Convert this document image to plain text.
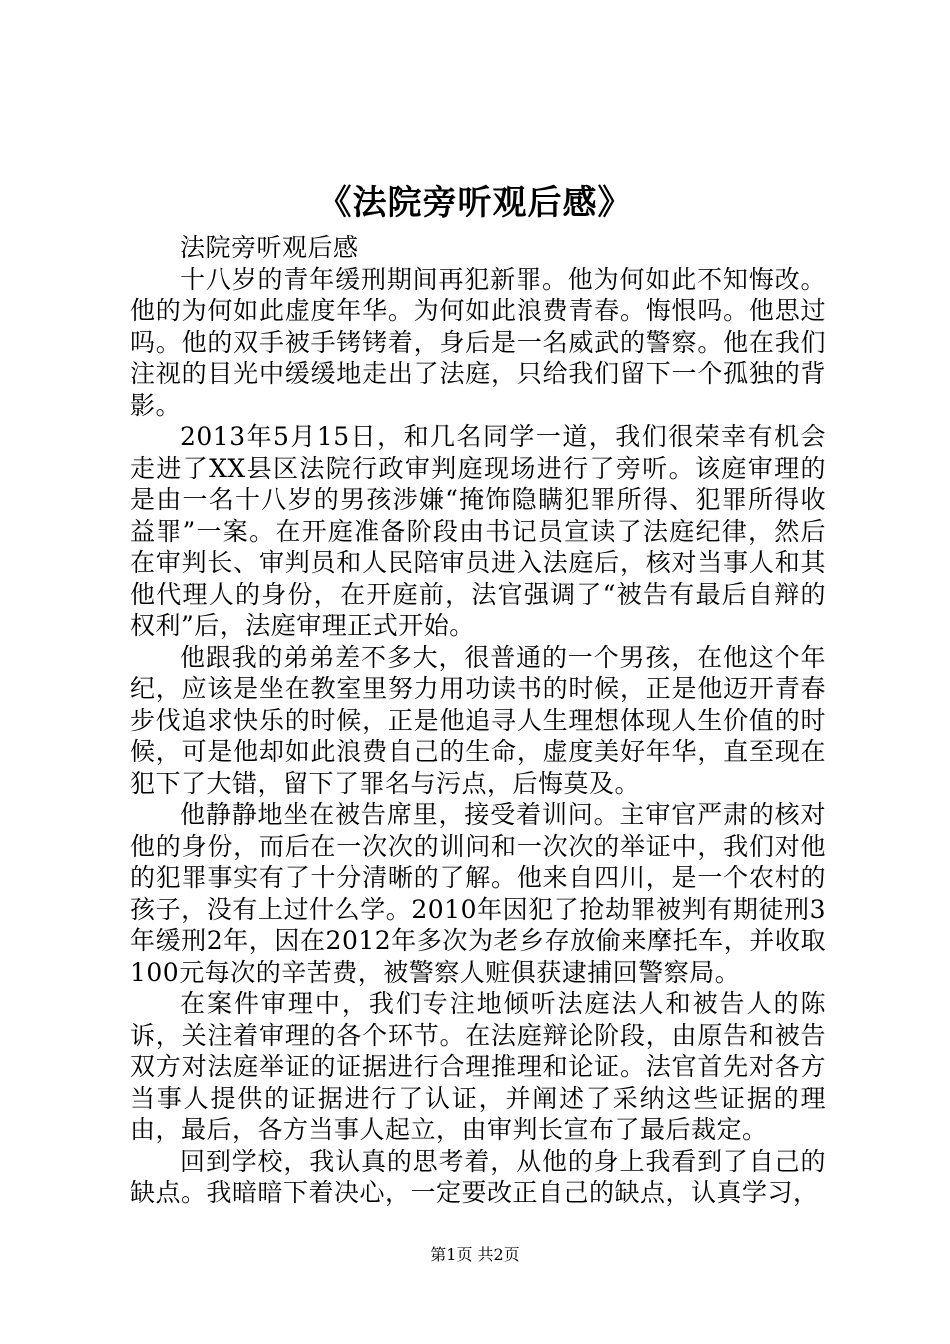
《法院旁听观后感》

法院旁听观后感

十八岁的青年缓刑期间再犯新罪。他为何如此不知悔改。他的为何如此虚度年华。为何如此浪费青春。悔恨吗。他思过吗。他的双手被手铐铐着，身后是一名威武的警察。他在我们注视的目光中缓缓地走出了法庭，只给我们留下一个孤独的背影。

2013年5月15日，和几名同学一道，我们很荣幸有机会走进了XX县区法院行政审判庭现场进行了旁听。该庭审理的是由一名十八岁的男孩涉嫌“掩饰隐瞒犯罪所得、犯罪所得收益罪”一案。在开庭准备阶段由书记员宣读了法庭纪律，然后在审判长、审判员和人民陪审员进入法庭后，核对当事人和其他代理人的身份，在开庭前，法官强调了“被告有最后自辩的权利”后，法庭审理正式开始。

他跟我的弟弟差不多大，很普通的一个男孩，在他这个年纪，应该是坐在教室里努力用功读书的时候，正是他迈开青春步伐追求快乐的时候，正是他追寻人生理想体现人生价值的时候，可是他却如此浪费自己的生命，虚度美好年华，直至现在犯下了大错，留下了罪名与污点，后悔莫及。

他静静地坐在被告席里，接受着训问。主审官严肃的核对他的身份，而后在一次次的训问和一次次的举证中，我们对他的犯罪事实有了十分清晰的了解。他来自四川，是一个农村的孩子，没有上过什么学。2010年因犯了抢劫罪被判有期徒刑3年缓刑2年，因在2012年多次为老乡存放偷来摩托车，并收取100元每次的辛苦费，被警察人赃俱获逮捕回警察局。

在案件审理中，我们专注地倾听法庭法人和被告人的陈诉，关注着审理的各个环节。在法庭辩论阶段，由原告和被告双方对法庭举证的证据进行合理推理和论证。法官首先对各方当事人提供的证据进行了认证，并阐述了采纳这些证据的理由，最后，各方当事人起立，由审判长宣布了最后裁定。

回到学校，我认真的思考着，从他的身上我看到了自己的缺点。我暗暗下着决心，一定要改正自己的缺点，认真学习，

第1页 共2页
